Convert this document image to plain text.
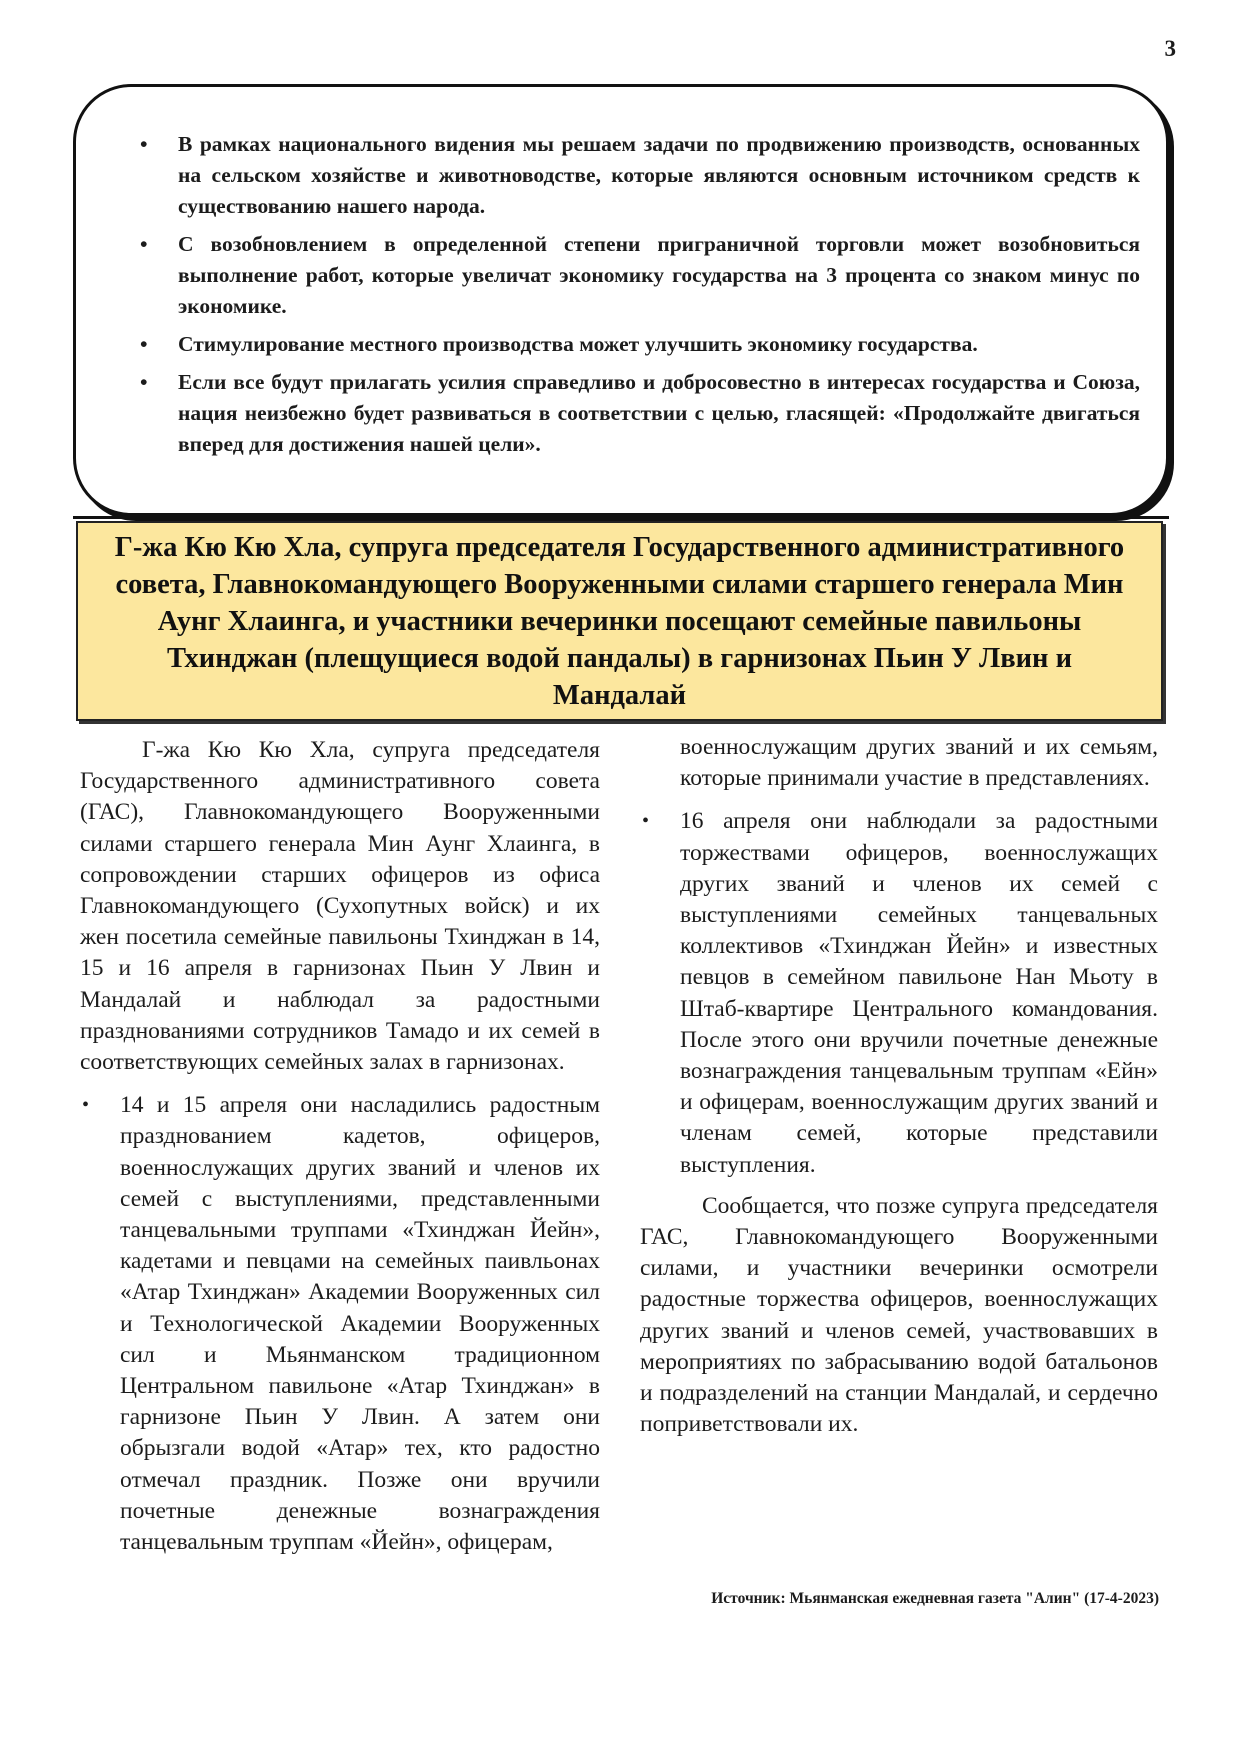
3
• В рамках национального видения мы решаем задачи по продвижению производств, основанных на сельском хозяйстве и животноводстве, которые являются основным источником средств к существованию нашего народа.
• С возобновлением в определенной степени приграничной торговли может возобновиться выполнение работ, которые увеличат экономику государства на 3 процента со знаком минус по экономике.
• Стимулирование местного производства может улучшить экономику государства.
• Если все будут прилагать усилия справедливо и добросовестно в интересах государства и Союза, нация неизбежно будет развиваться в соответствии с целью, гласящей: «Продолжайте двигаться вперед для достижения нашей цели».
Г-жа Кю Кю Хла, супруга председателя Государственного административного совета, Главнокомандующего Вооруженными силами старшего генерала Мин Аунг Хлаинга, и участники вечеринки посещают семейные павильоны Тхинджан (плещущиеся водой пандалы) в гарнизонах Пьин У Лвин и Мандалай

Г-жа Кю Кю Хла, супруга председателя Государственного административного совета (ГАС), Главнокомандующего Вооруженными силами старшего генерала Мин Аунг Хлаинга, в сопровождении старших офицеров из офиса Главнокомандующего (Сухопутных войск) и их жен посетила семейные павильоны Тхинджан в 14, 15 и 16 апреля в гарнизонах Пьин У Лвин и Мандалай и наблюдал за радостными празднованиями сотрудников Тамадо и их семей в соответствующих семейных залах в гарнизонах.

• 14 и 15 апреля они насладились радостным празднованием кадетов, офицеров, военнослужащих других званий и членов их семей с выступлениями, представленными танцевальными труппами «Тхинджан Йейн», кадетами и певцами на семейных паивльонах «Атар Тхинджан» Академии Вооруженных сил и Технологической Академии Вооруженных сил и Мьянманском традиционном Центральном павильоне «Атар Тхинджан» в гарнизоне Пьин У Лвин. А затем они обрызгали водой «Атар» тех, кто радостно отмечал праздник. Позже они вручили почетные денежные вознаграждения танцевальным труппам «Йейн», офицерам,

военнослужащим других званий и их семьям, которые принимали участие в представлениях.

• 16 апреля они наблюдали за радостными торжествами офицеров, военнослужащих других званий и членов их семей с выступлениями семейных танцевальных коллективов «Тхинджан Йейн» и известных певцов в семейном павильоне Нан Мьоту в Штаб-квартире Центрального командования. После этого они вручили почетные денежные вознаграждения танцевальным труппам «Ейн» и офицерам, военнослужащим других званий и членам семей, которые представили выступления.

Сообщается, что позже супруга председателя ГАС, Главнокомандующего Вооруженными силами, и участники вечеринки осмотрели радостные торжества офицеров, военнослужащих других званий и членов семей, участвовавших в мероприятиях по забрасыванию водой батальонов и подразделений на станции Мандалай, и сердечно поприветствовали их.

Источник: Мьянманская ежедневная газета "Алин" (17-4-2023)
